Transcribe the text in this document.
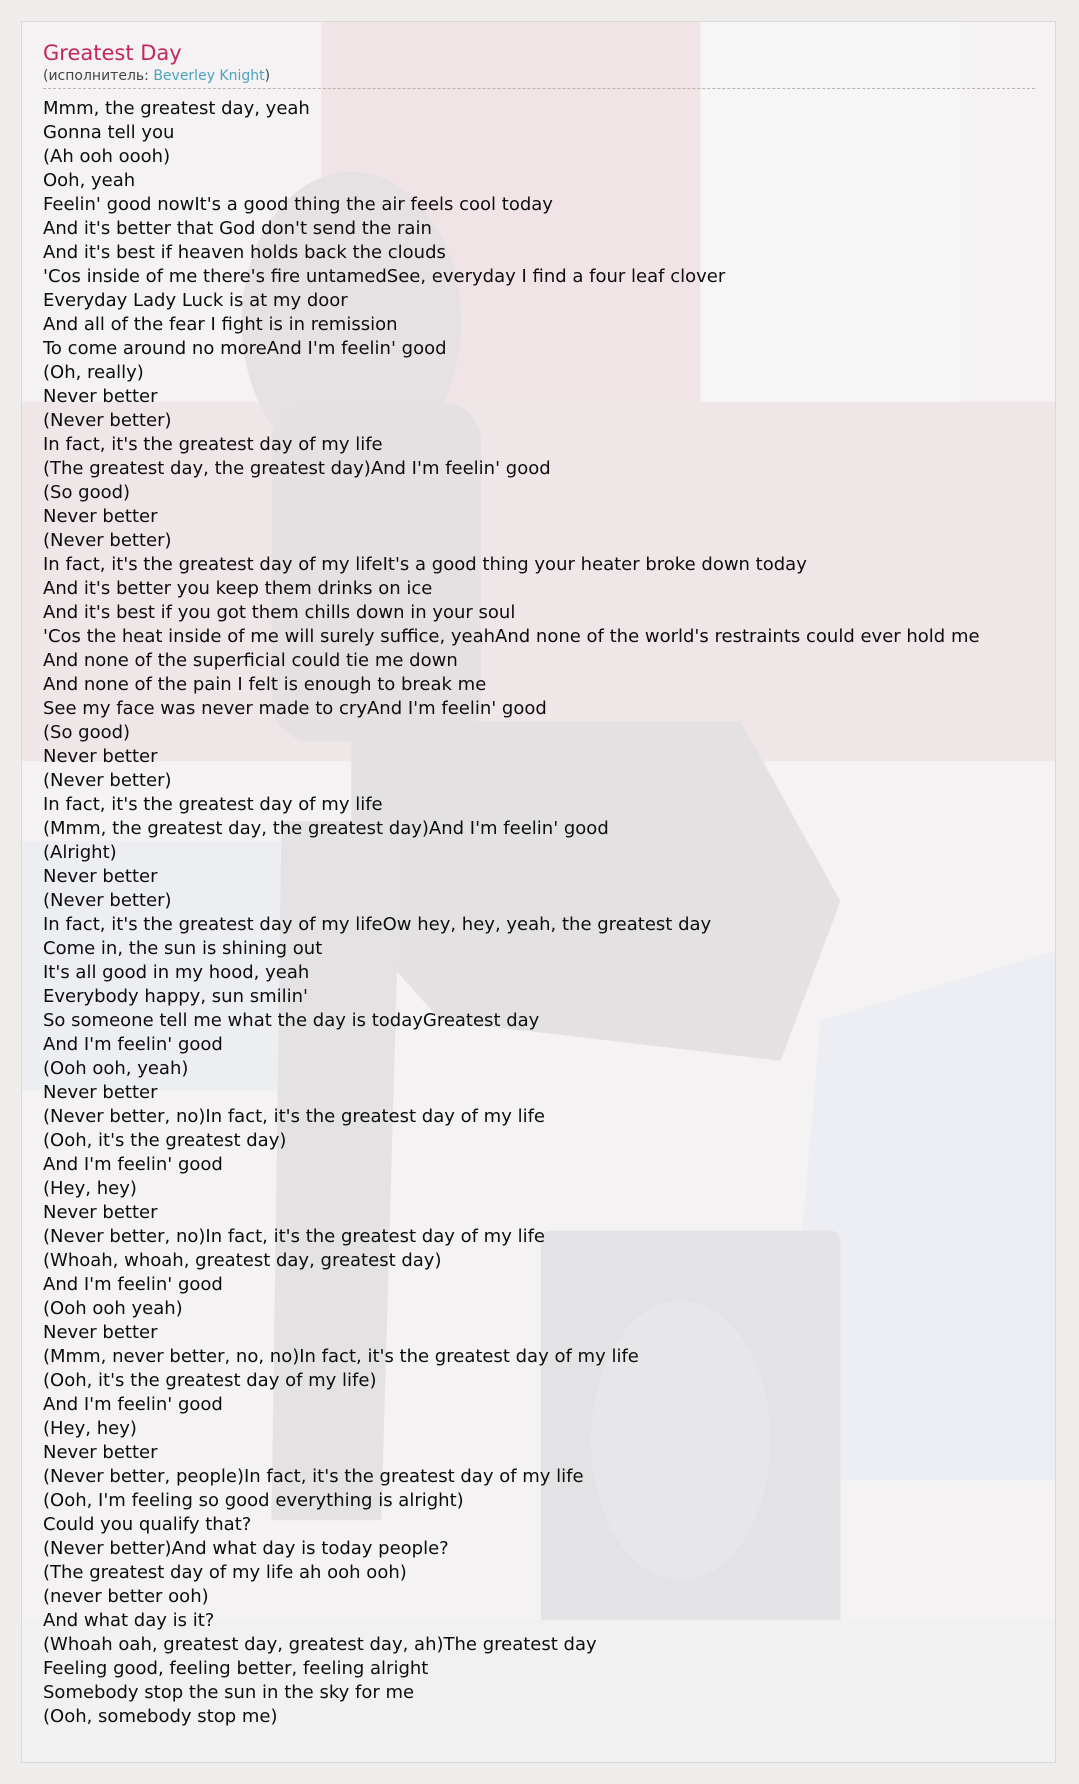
Greatest Day
(исполнитель: Beverley Knight)
Mmm, the greatest day, yeah
Gonna tell you
(Ah ooh oooh)
Ooh, yeah
Feelin' good nowIt's a good thing the air feels cool today
And it's better that God don't send the rain
And it's best if heaven holds back the clouds
'Cos inside of me there's fire untamedSee, everyday I find a four leaf clover
Everyday Lady Luck is at my door
And all of the fear I fight is in remission
To come around no moreAnd I'm feelin' good
(Oh, really)
Never better
(Never better)
In fact, it's the greatest day of my life
(The greatest day, the greatest day)And I'm feelin' good
(So good)
Never better
(Never better)
In fact, it's the greatest day of my lifeIt's a good thing your heater broke down today
And it's better you keep them drinks on ice
And it's best if you got them chills down in your soul
'Cos the heat inside of me will surely suffice, yeahAnd none of the world's restraints could ever hold me
And none of the superficial could tie me down
And none of the pain I felt is enough to break me
See my face was never made to cryAnd I'm feelin' good
(So good)
Never better
(Never better)
In fact, it's the greatest day of my life
(Mmm, the greatest day, the greatest day)And I'm feelin' good
(Alright)
Never better
(Never better)
In fact, it's the greatest day of my lifeOw hey, hey, yeah, the greatest day
Come in, the sun is shining out
It's all good in my hood, yeah
Everybody happy, sun smilin'
So someone tell me what the day is todayGreatest day
And I'm feelin' good
(Ooh ooh, yeah)
Never better
(Never better, no)In fact, it's the greatest day of my life
(Ooh, it's the greatest day)
And I'm feelin' good
(Hey, hey)
Never better
(Never better, no)In fact, it's the greatest day of my life
(Whoah, whoah, greatest day, greatest day)
And I'm feelin' good
(Ooh ooh yeah)
Never better
(Mmm, never better, no, no)In fact, it's the greatest day of my life
(Ooh, it's the greatest day of my life)
And I'm feelin' good
(Hey, hey)
Never better
(Never better, people)In fact, it's the greatest day of my life
(Ooh, I'm feeling so good everything is alright)
Could you qualify that?
(Never better)And what day is today people?
(The greatest day of my life ah ooh ooh)
(never better ooh)
And what day is it?
(Whoah oah, greatest day, greatest day, ah)The greatest day
Feeling good, feeling better, feeling alright
Somebody stop the sun in the sky for me
(Ooh, somebody stop me)
